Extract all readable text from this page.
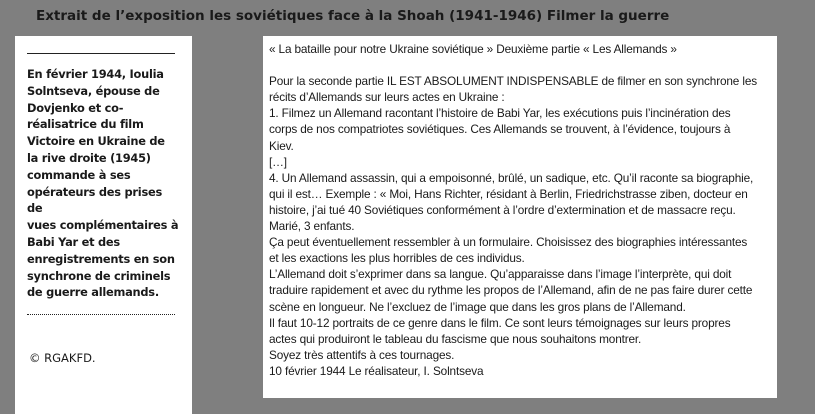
Extrait de l’exposition les soviétiques face à la Shoah (1941-1946) Filmer la guerre
En février 1944, Ioulia
Solntseva, épouse de
Dovjenko et co-
réalisatrice du film
Victoire en Ukraine de
la rive droite (1945)
commande à ses
opérateurs des prises de
vues complémentaires à
Babi Yar et des
enregistrements en son
synchrone de criminels
de guerre allemands.
© RGAKFD.
« La bataille pour notre Ukraine soviétique » Deuxième partie « Les Allemands »

Pour la seconde partie IL EST ABSOLUMENT INDISPENSABLE de filmer en son synchrone les
récits d’Allemands sur leurs actes en Ukraine :
1. Filmez un Allemand racontant l’histoire de Babi Yar, les exécutions puis l’incinération des
corps de nos compatriotes soviétiques. Ces Allemands se trouvent, à l’évidence, toujours à
Kiev.
[…]
4. Un Allemand assassin, qui a empoisonné, brûlé, un sadique, etc. Qu’il raconte sa biographie,
qui il est… Exemple : « Moi, Hans Richter, résidant à Berlin, Friedrichstrasse ziben, docteur en
histoire, j’ai tué 40 Soviétiques conformément à l’ordre d’extermination et de massacre reçu.
Marié, 3 enfants.
Ça peut éventuellement ressembler à un formulaire. Choisissez des biographies intéressantes
et les exactions les plus horribles de ces individus.
L’Allemand doit s’exprimer dans sa langue. Qu’apparaisse dans l’image l’interprète, qui doit
traduire rapidement et avec du rythme les propos de l’Allemand, afin de ne pas faire durer cette
scène en longueur. Ne l’excluez de l’image que dans les gros plans de l’Allemand.
Il faut 10-12 portraits de ce genre dans le film. Ce sont leurs témoignages sur leurs propres
actes qui produiront le tableau du fascisme que nous souhaitons montrer.
Soyez très attentifs à ces tournages.
10 février 1944 Le réalisateur, I. Solntseva
